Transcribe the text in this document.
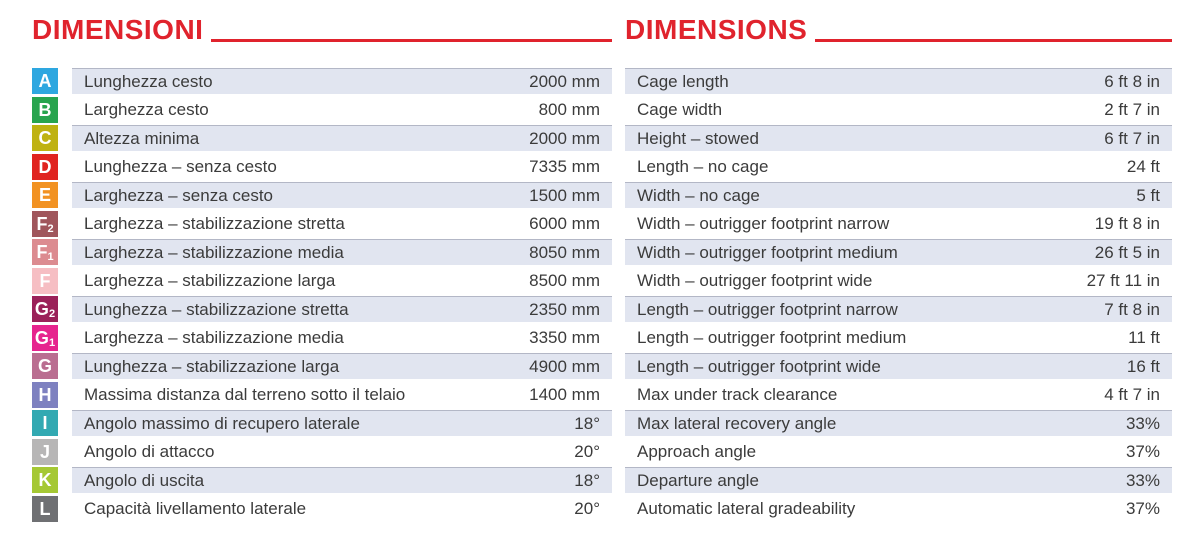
DIMENSIONI
A Lunghezza cesto	2000 mm
B Larghezza cesto	800 mm
C Altezza minima	2000 mm
D Lunghezza – senza cesto	7335 mm
E Larghezza – senza cesto	1500 mm
F 2 Larghezza – stabilizzazione stretta	6000 mm
F 1 Larghezza – stabilizzazione media	8050 mm
F Larghezza – stabilizzazione larga	8500 mm
G 2 Lunghezza – stabilizzazione stretta	2350 mm
G 1 Larghezza – stabilizzazione media	3350 mm
G Lunghezza – stabilizzazione larga	4900 mm
H Massima distanza dal terreno sotto il telaio	1400 mm
I Angolo massimo di recupero laterale	18°
J Angolo di attacco	20°
K Angolo di uscita	18°
L Capacità livellamento laterale	20°
DIMENSIONS
Cage length	6 ft 8 in
Cage width	2 ft 7 in
Height – stowed	6 ft 7 in
Length – no cage	24 ft
Width – no cage	5 ft
Width – outrigger footprint narrow	19 ft 8 in
Width – outrigger footprint medium	26 ft 5 in
Width – outrigger footprint wide	27 ft 11 in
Length – outrigger footprint narrow	7 ft 8 in
Length – outrigger footprint medium	11 ft
Length – outrigger footprint wide	16 ft
Max under track clearance	4 ft 7 in
Max lateral recovery angle	33%
Approach angle	37%
Departure angle	33%
Automatic lateral gradeability	37%
